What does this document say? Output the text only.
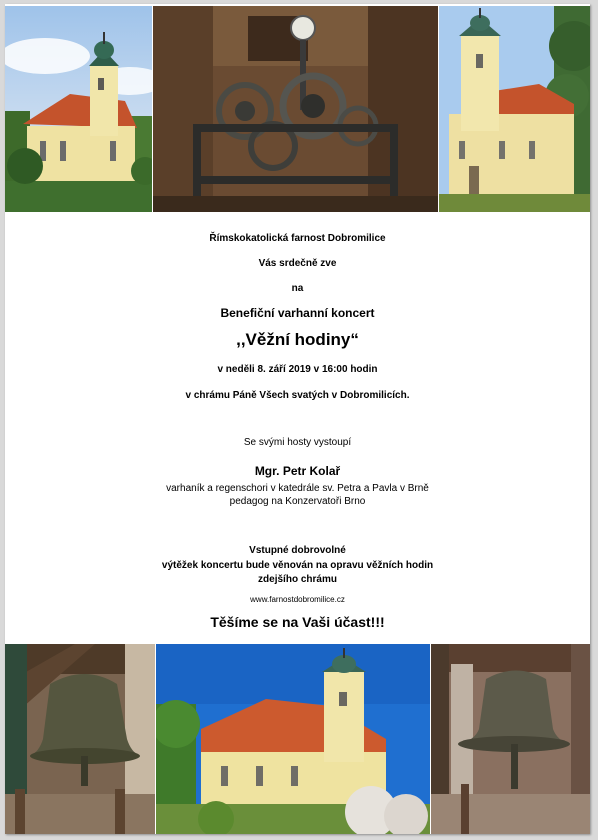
Římskokatolická farnost Dobromilice
Vás srdečně zve
na
Benefiční varhanní koncert
,,Věžní hodiny“
v neděli 8. září 2019 v 16:00 hodin
v chrámu Páně Všech svatých v Dobromilicích.
Se svými hosty vystoupí
Mgr. Petr Kolař
varhaník a regenschori v katedrále sv. Petra a Pavla v Brně
pedagog na Konzervatoři Brno
Vstupné dobrovolné
výtěžek koncertu bude věnován na opravu věžních hodin
zdejšího chrámu
www.farnostdobromilice.cz
Těšíme se na Vaši účast!!!
